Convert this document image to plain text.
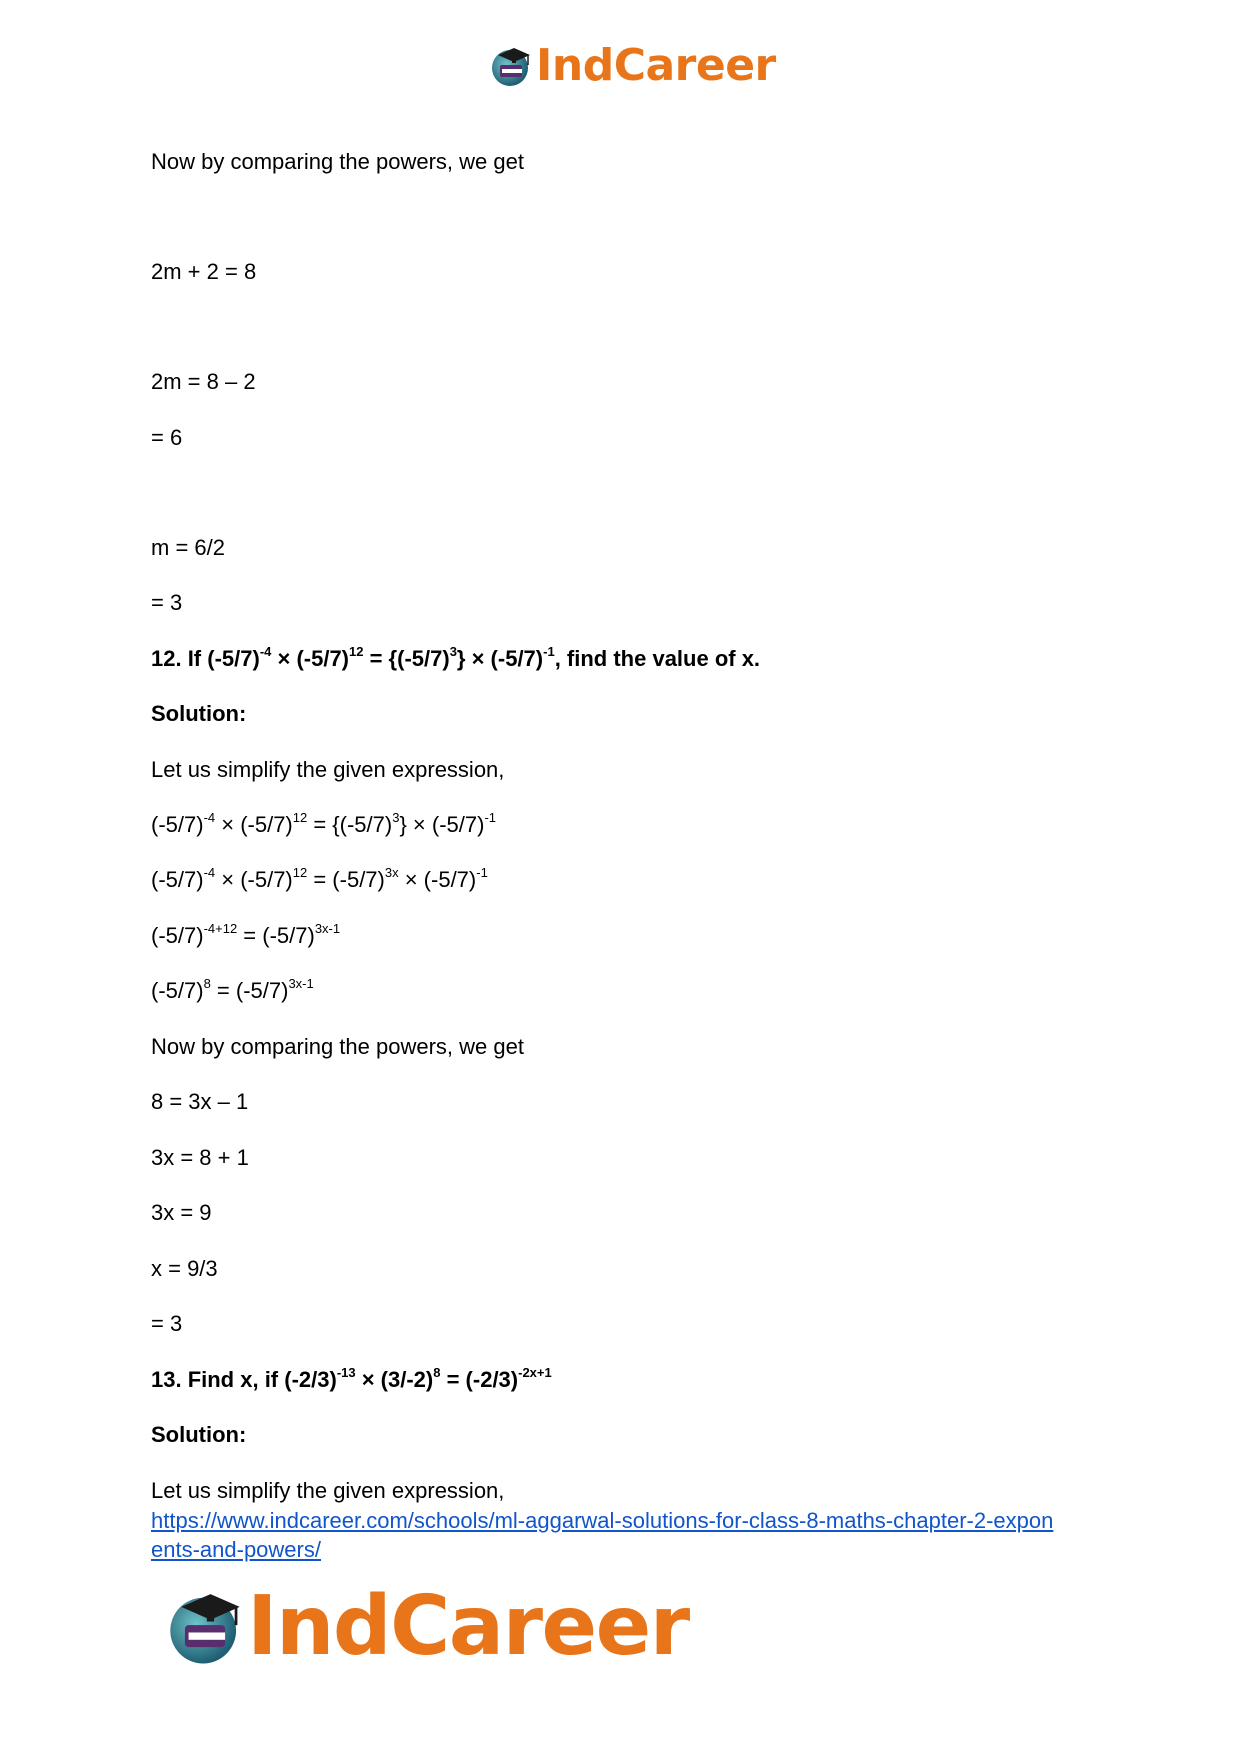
IndCareer
Now by comparing the powers, we get
2m + 2 = 8
2m = 8 – 2
= 6
m = 6/2
= 3
12. If $(-5/7)^{-4} \times (-5/7)^{12} = \{(-5/7)^3\} \times (-5/7)^{-1}$, find the value of x.
Solution:
Let us simplify the given expression,
$(-5/7)^{-4} \times (-5/7)^{12} = \{(-5/7)^3\} \times (-5/7)^{-1}$
$(-5/7)^{-4} \times (-5/7)^{12} = (-5/7)^{3x} \times (-5/7)^{-1}$
$(-5/7)^{-4+12} = (-5/7)^{3x-1}$
$(-5/7)^8 = (-5/7)^{3x-1}$
Now by comparing the powers, we get
8 = 3x – 1
3x = 8 + 1
3x = 9
x = 9/3
= 3
13. Find x, if $(-2/3)^{-13} \times (3/-2)^8 = (-2/3)^{-2x+1}$
Solution:
Let us simplify the given expression,
https://www.indcareer.com/schools/ml-aggarwal-solutions-for-class-8-maths-chapter-2-expon
ents-and-powers/
IndCareer
